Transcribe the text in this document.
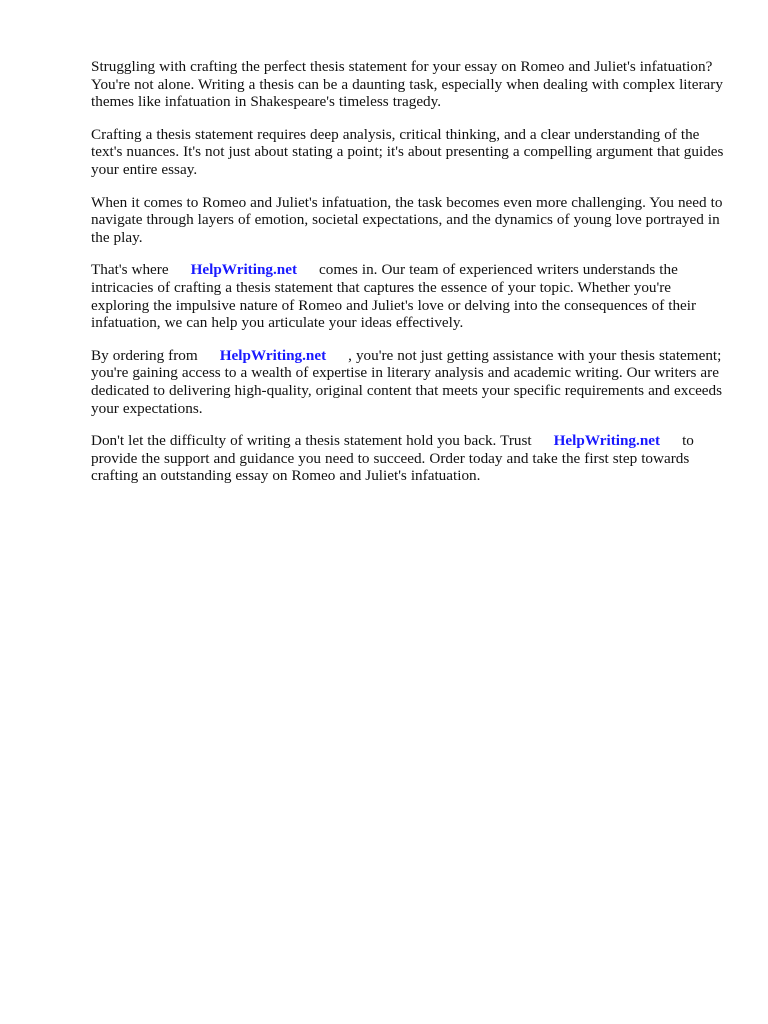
Struggling with crafting the perfect thesis statement for your essay on Romeo and Juliet's infatuation? You're not alone. Writing a thesis can be a daunting task, especially when dealing with complex literary themes like infatuation in Shakespeare's timeless tragedy.

Crafting a thesis statement requires deep analysis, critical thinking, and a clear understanding of the text's nuances. It's not just about stating a point; it's about presenting a compelling argument that guides your entire essay.

When it comes to Romeo and Juliet's infatuation, the task becomes even more challenging. You need to navigate through layers of emotion, societal expectations, and the dynamics of young love portrayed in the play.

That's where HelpWriting.net comes in. Our team of experienced writers understands the intricacies of crafting a thesis statement that captures the essence of your topic. Whether you're exploring the impulsive nature of Romeo and Juliet's love or delving into the consequences of their infatuation, we can help you articulate your ideas effectively.

By ordering from HelpWriting.net , you're not just getting assistance with your thesis statement; you're gaining access to a wealth of expertise in literary analysis and academic writing. Our writers are dedicated to delivering high-quality, original content that meets your specific requirements and exceeds your expectations.

Don't let the difficulty of writing a thesis statement hold you back. Trust HelpWriting.net to provide the support and guidance you need to succeed. Order today and take the first step towards crafting an outstanding essay on Romeo and Juliet's infatuation.
